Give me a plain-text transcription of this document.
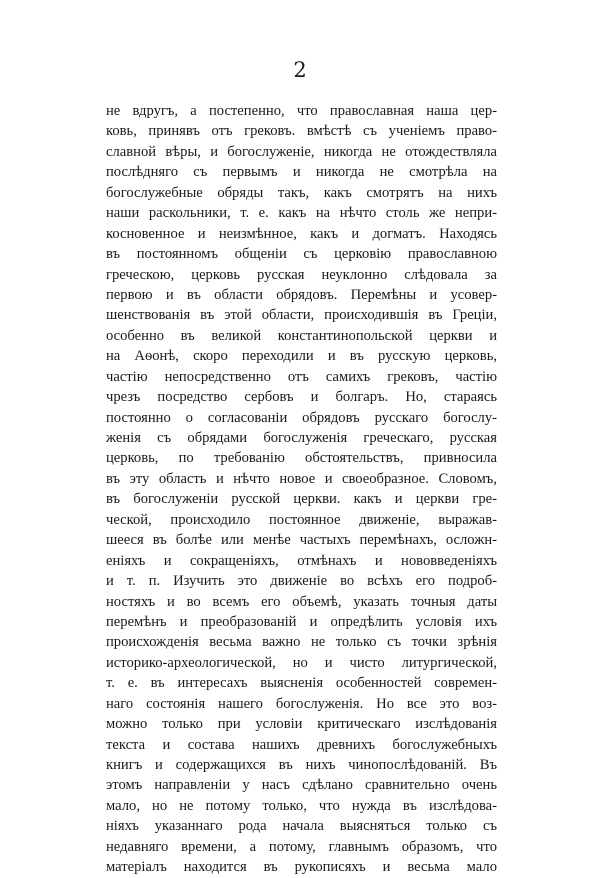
2
не вдругъ, а постепенно, что православная наша цер-
ковь, принявъ отъ грековъ. вмѣстѣ съ ученіемъ право-
славной вѣры, и богослуженіе, никогда не отождествляла
послѣдняго съ первымъ и никогда не смотрѣла на
богослужебные обряды такъ, какъ смотрятъ на нихъ
наши раскольники, т. е. какъ на нѣчто столь же непри-
косновенное и неизмѣнное, какъ и догматъ. Находясь
въ постоянномъ общеніи съ церковію православною
греческою, церковь русская неуклонно слѣдовала за
первою и въ области обрядовъ. Перемѣны и усовер-
шенствованія въ этой области, происходившія въ Греціи,
особенно въ великой константинопольской церкви и
на Аѳонѣ, скоро переходили и въ русскую церковь,
частію непосредственно отъ самихъ грековъ, частію
чрезъ посредство сербовъ и болгаръ. Но, стараясь
постоянно о согласованіи обрядовъ русскаго богослу-
женія съ обрядами богослуженія греческаго, русская
церковь, по требованію обстоятельствъ, привносила
въ эту область и нѣчто новое и своеобразное. Словомъ,
въ богослуженіи русской церкви. какъ и церкви гре-
ческой, происходило постоянное движеніе, выражав-
шееся въ болѣе или менѣе частыхъ перемѣнахъ, осложн-
еніяхъ и сокращеніяхъ, отмѣнахъ и нововведеніяхъ
и т. п. Изучить это движеніе во всѣхъ его подроб-
ностяхъ и во всемъ его объемѣ, указать точныя даты
перемѣнъ и преобразованій и опредѣлить условія ихъ
происхожденія весьма важно не только съ точки зрѣнія
историко-археологической, но и чисто литургической,
т. е. въ интересахъ выясненія особенностей современ-
наго состоянія нашего богослуженія. Но все это воз-
можно только при условіи критическаго изслѣдованія
текста и состава нашихъ древнихъ богослужебныхъ
книгъ и содержащихся въ нихъ чинопослѣдованій. Въ
этомъ направленіи у насъ сдѣлано сравнительно очень
мало, но не потому только, что нужда въ изслѣдова-
ніяхъ указаннаго рода начала выясняться только съ
недавняго времени, а потому, главнымъ образомъ, что
матеріалъ находится въ рукописяхъ и весьма мало
